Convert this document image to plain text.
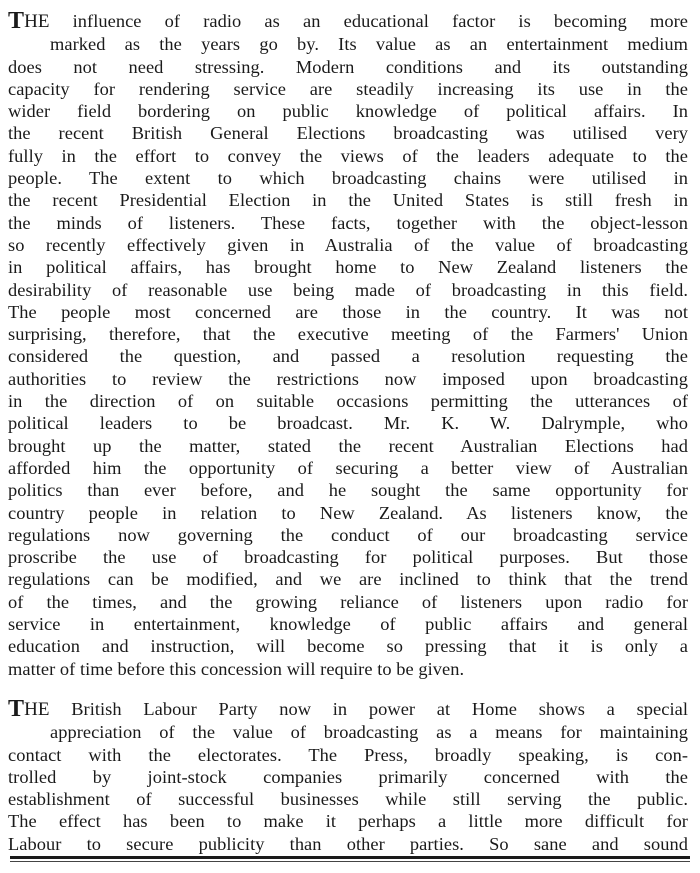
THE influence of radio as an educational factor is becoming more
marked as the years go by. Its value as an entertainment medium
does not need stressing. Modern conditions and its outstanding
capacity for rendering service are steadily increasing its use in the
wider field bordering on public knowledge of political affairs. In
the recent British General Elections broadcasting was utilised very
fully in the effort to convey the views of the leaders adequate to the
people. The extent to which broadcasting chains were utilised in
the recent Presidential Election in the United States is still fresh in
the minds of listeners. These facts, together with the object-lesson
so recently effectively given in Australia of the value of broadcasting
in political affairs, has brought home to New Zealand listeners the
desirability of reasonable use being made of broadcasting in this field.
The people most concerned are those in the country. It was not
surprising, therefore, that the executive meeting of the Farmers' Union
considered the question, and passed a resolution requesting the
authorities to review the restrictions now imposed upon broadcasting
in the direction of on suitable occasions permitting the utterances of
political leaders to be broadcast. Mr. K. W. Dalrymple, who
brought up the matter, stated the recent Australian Elections had
afforded him the opportunity of securing a better view of Australian
politics than ever before, and he sought the same opportunity for
country people in relation to New Zealand. As listeners know, the
regulations now governing the conduct of our broadcasting service
proscribe the use of broadcasting for political purposes. But those
regulations can be modified, and we are inclined to think that the trend
of the times, and the growing reliance of listeners upon radio for
service in entertainment, knowledge of public affairs and general
education and instruction, will become so pressing that it is only a
matter of time before this concession will require to be given.

THE British Labour Party now in power at Home shows a special
appreciation of the value of broadcasting as a means for maintaining
contact with the electorates. The Press, broadly speaking, is con-
trolled by joint-stock companies primarily concerned with the
establishment of successful businesses while still serving the public.
The effect has been to make it perhaps a little more difficult for
Labour to secure publicity than other parties. So sane and sound
